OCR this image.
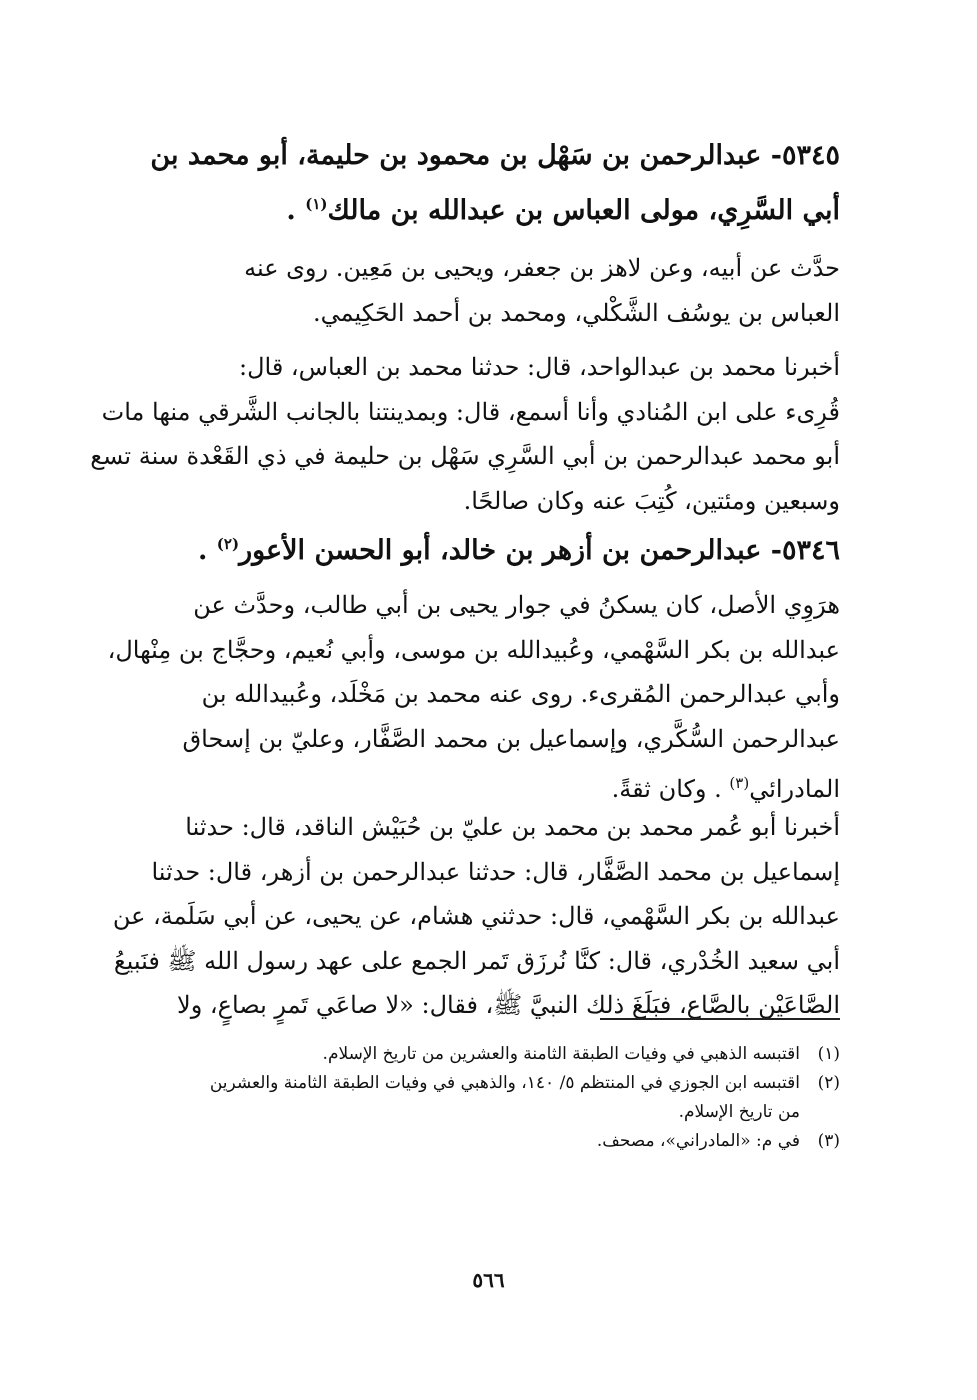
٥٣٤٥- عبدالرحمن بن سَهْل بن محمود بن حليمة، أبو محمد بن
أبي السَّرِي، مولى العباس بن عبدالله بن مالك$^{(١)}$ .
حدَّث عن أبيه، وعن لاهز بن جعفر، ويحيى بن مَعِين. روى عنه
العباس بن يوسُف الشَّكْلي، ومحمد بن أحمد الحَكِيمي.
أخبرنا محمد بن عبدالواحد، قال: حدثنا محمد بن العباس، قال:
قُرِىء على ابن المُنادي وأنا أسمع، قال: وبمدينتنا بالجانب الشَّرقي منها مات
أبو محمد عبدالرحمن بن أبي السَّرِي سَهْل بن حليمة في ذي القَعْدة سنة تسع
وسبعين ومئتين، كُتِبَ عنه وكان صالحًا.
٥٣٤٦- عبدالرحمن بن أزهر بن خالد، أبو الحسن الأعور$^{(٢)}$ .
هرَوِي الأصل، كان يسكنُ في جوار يحيى بن أبي طالب، وحدَّث عن
عبدالله بن بكر السَّهْمي، وعُبيدالله بن موسى، وأبي نُعيم، وحجَّاج بن مِنْهال،
وأبي عبدالرحمن المُقرىء. روى عنه محمد بن مَخْلَد، وعُبيدالله بن
عبدالرحمن السُّكَّري، وإسماعيل بن محمد الصَّفَّار، وعليّ بن إسحاق
المادرائي$^{(٣)}$ . وكان ثقةً.
أخبرنا أبو عُمر محمد بن محمد بن عليّ بن حُبَيْش الناقد، قال: حدثنا
إسماعيل بن محمد الصَّفَّار، قال: حدثنا عبدالرحمن بن أزهر، قال: حدثنا
عبدالله بن بكر السَّهْمي، قال: حدثني هشام، عن يحيى، عن أبي سَلَمة، عن
أبي سعيد الخُدْري، قال: كنَّا نُرزَق تَمر الجمع على عهد رسول الله ﷺ فنَبيعُ
الصَّاعَيْن بالصَّاع، فبَلَغَ ذلك النبيَّ ﷺ، فقال: «لا صاعَي تَمرٍ بصاعٍ، ولا
(١)
اقتبسه الذهبي في وفيات الطبقة الثامنة والعشرين من تاريخ الإسلام.
(٢)
اقتبسه ابن الجوزي في المنتظم ٥/ ١٤٠، والذهبي في وفيات الطبقة الثامنة والعشرين
من تاريخ الإسلام.
(٣)
في م: «المادراني»، مصحف.
٥٦٦
